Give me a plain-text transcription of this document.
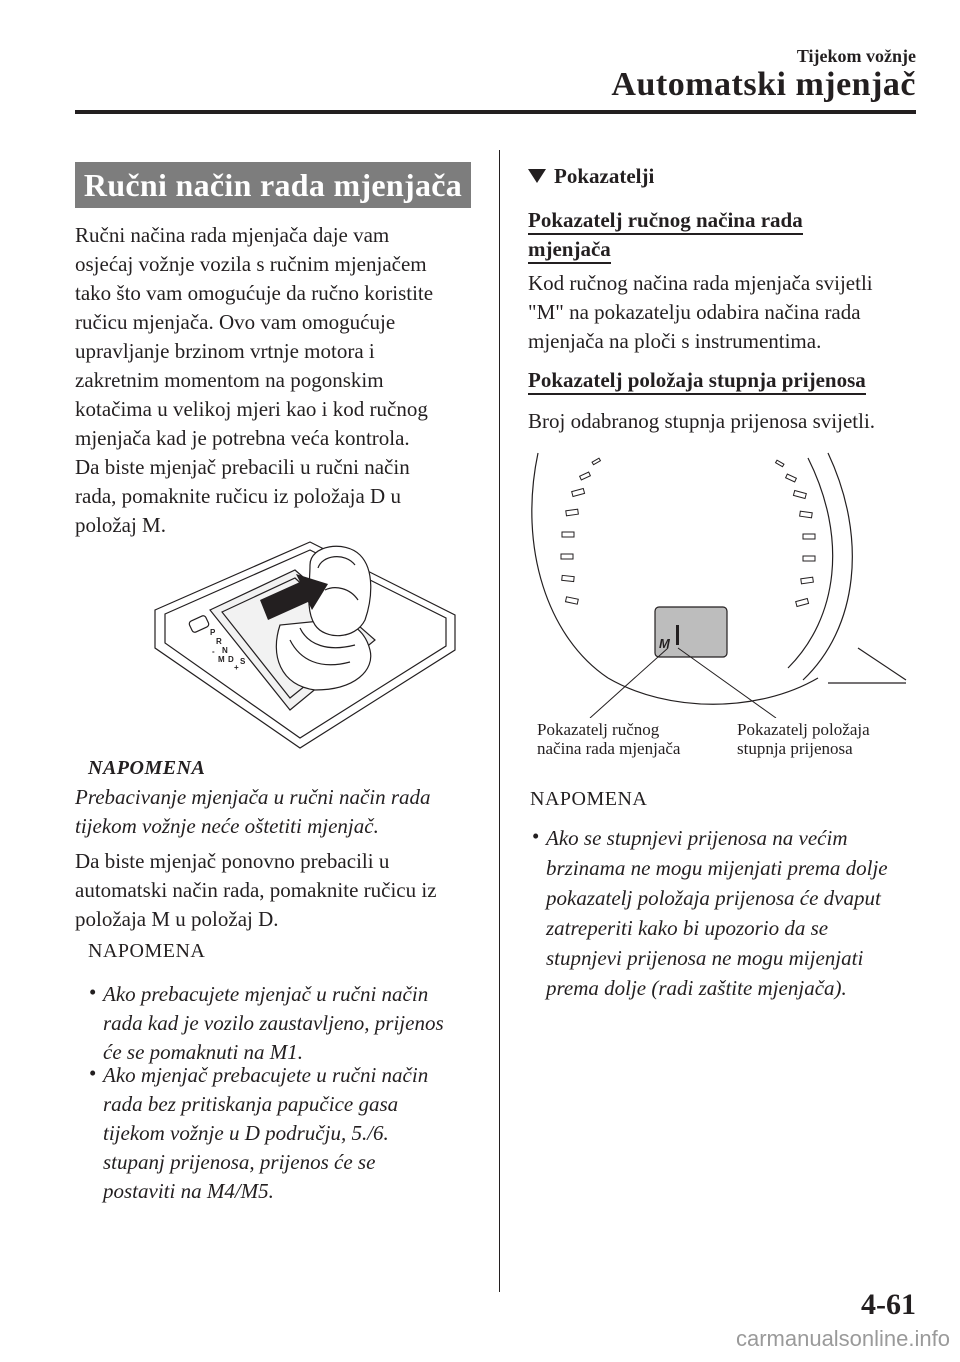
Tijekom vožnje
Automatski mjenjač
Ručni način rada mjenjača
Ručni načina rada mjenjača daje vam
osjećaj vožnje vozila s ručnim mjenjačem
tako što vam omogućuje da ručno koristite
ručicu mjenjača. Ovo vam omogućuje
upravljanje brzinom vrtnje motora i
zakretnim momentom na pogonskim
kotačima u velikoj mjeri kao i kod ručnog
mjenjača kad je potrebna veća kontrola.
Da biste mjenjač prebacili u ručni način
rada, pomaknite ručicu iz položaja D u
položaj M.
P
R
N
D
M
+
-
S
NAPOMENA
Prebacivanje mjenjača u ručni način rada
tijekom vožnje neće oštetiti mjenjač.
Da biste mjenjač ponovno prebacili u
automatski način rada, pomaknite ručicu iz
položaja M u položaj D.
NAPOMENA
• Ako prebacujete mjenjač u ručni način
rada kad je vozilo zaustavljeno, prijenos
će se pomaknuti na M1.
• Ako mjenjač prebacujete u ručni način
rada bez pritiskanja papučice gasa
tijekom vožnje u D području, 5./6.
stupanj prijenosa, prijenos će se
postaviti na M4/M5.
Pokazatelji
Pokazatelj ručnog načina rada
mjenjača
Kod ručnog načina rada mjenjača svijetli
"M" na pokazatelju odabira načina rada
mjenjača na ploči s instrumentima.
Pokazatelj položaja stupnja prijenosa
Broj odabranog stupnja prijenosa svijetli.
M
Pokazatelj ručnog
načina rada mjenjača
Pokazatelj položaja
stupnja prijenosa
NAPOMENA
• Ako se stupnjevi prijenosa na većim
brzinama ne mogu mijenjati prema dolje
pokazatelj položaja prijenosa će dvaput
zatreperiti kako bi upozorio da se
stupnjevi prijenosa ne mogu mijenjati
prema dolje (radi zaštite mjenjača).
4-61
carmanualsonline.info
